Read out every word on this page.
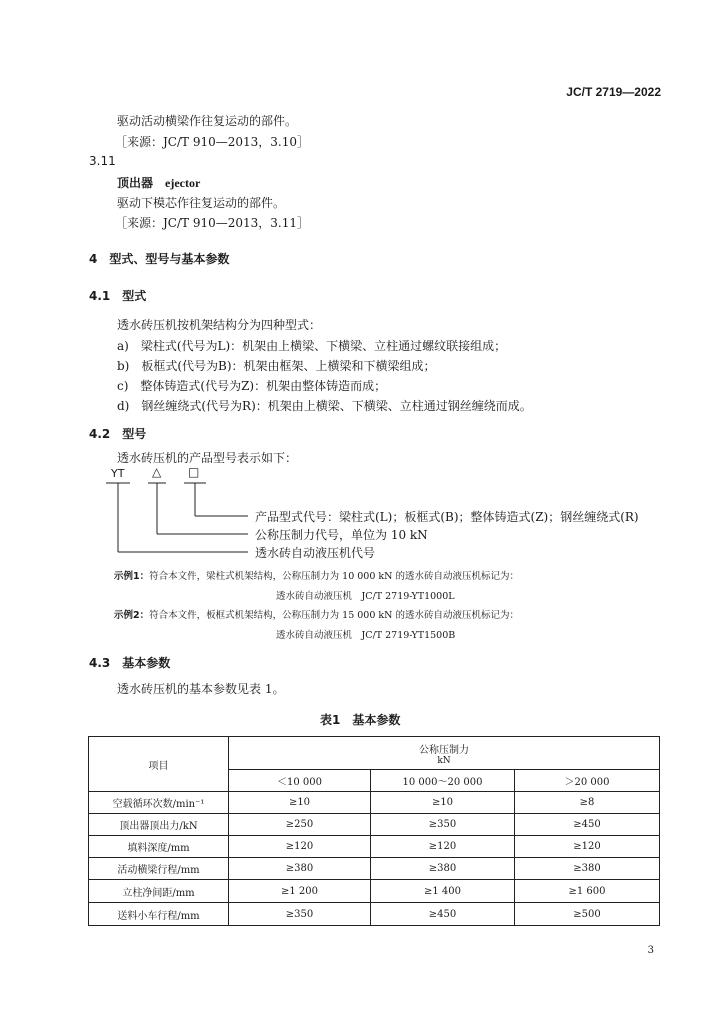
JC/T 2719—2022
驱动活动横梁作往复运动的部件。
［来源：JC/T 910—2013，3.10］
3.11
顶出器　 ejector
驱动下模芯作往复运动的部件。
［来源：JC/T 910—2013，3.11］
4　型式、型号与基本参数
4.1　型式
透水砖压机按机架结构分为四种型式：
a)　梁柱式(代号为L)：机架由上横梁、下横梁、立柱通过螺纹联接组成；
b)　板框式(代号为B)：机架由框架、上横梁和下横梁组成；
c)　整体铸造式(代号为Z)：机架由整体铸造而成；
d)　钢丝缠绕式(代号为R)：机架由上横梁、下横梁、立柱通过钢丝缠绕而成。
4.2　型号
透水砖压机的产品型号表示如下：
YT △ □
产品型式代号：梁柱式(L)；板框式(B)；整体铸造式(Z)；钢丝缠绕式(R)
公称压制力代号，单位为 10 kN
透水砖自动液压机代号
示例1：符合本文件，梁柱式机架结构，公称压制力为 10 000 kN 的透水砖自动液压机标记为：
透水砖自动液压机　JC/T 2719-YT1000L
示例2：符合本文件，板框式机架结构，公称压制力为 15 000 kN 的透水砖自动液压机标记为：
透水砖自动液压机　JC/T 2719-YT1500B
4.3　基本参数
透水砖压机的基本参数见表 1。
表1　基本参数
项目	公称压制力
kN		

	＜10 000	10 000～20 000	＞20 000
空载循环次数/min⁻¹	≥10	≥10	≥8
顶出器顶出力/kN	≥250	≥350	≥450
填料深度/mm	≥120	≥120	≥120
活动横梁行程/mm	≥380	≥380	≥380
立柱净间距/mm	≥1 200	≥1 400	≥1 600
送料小车行程/mm	≥350	≥450	≥500
3
